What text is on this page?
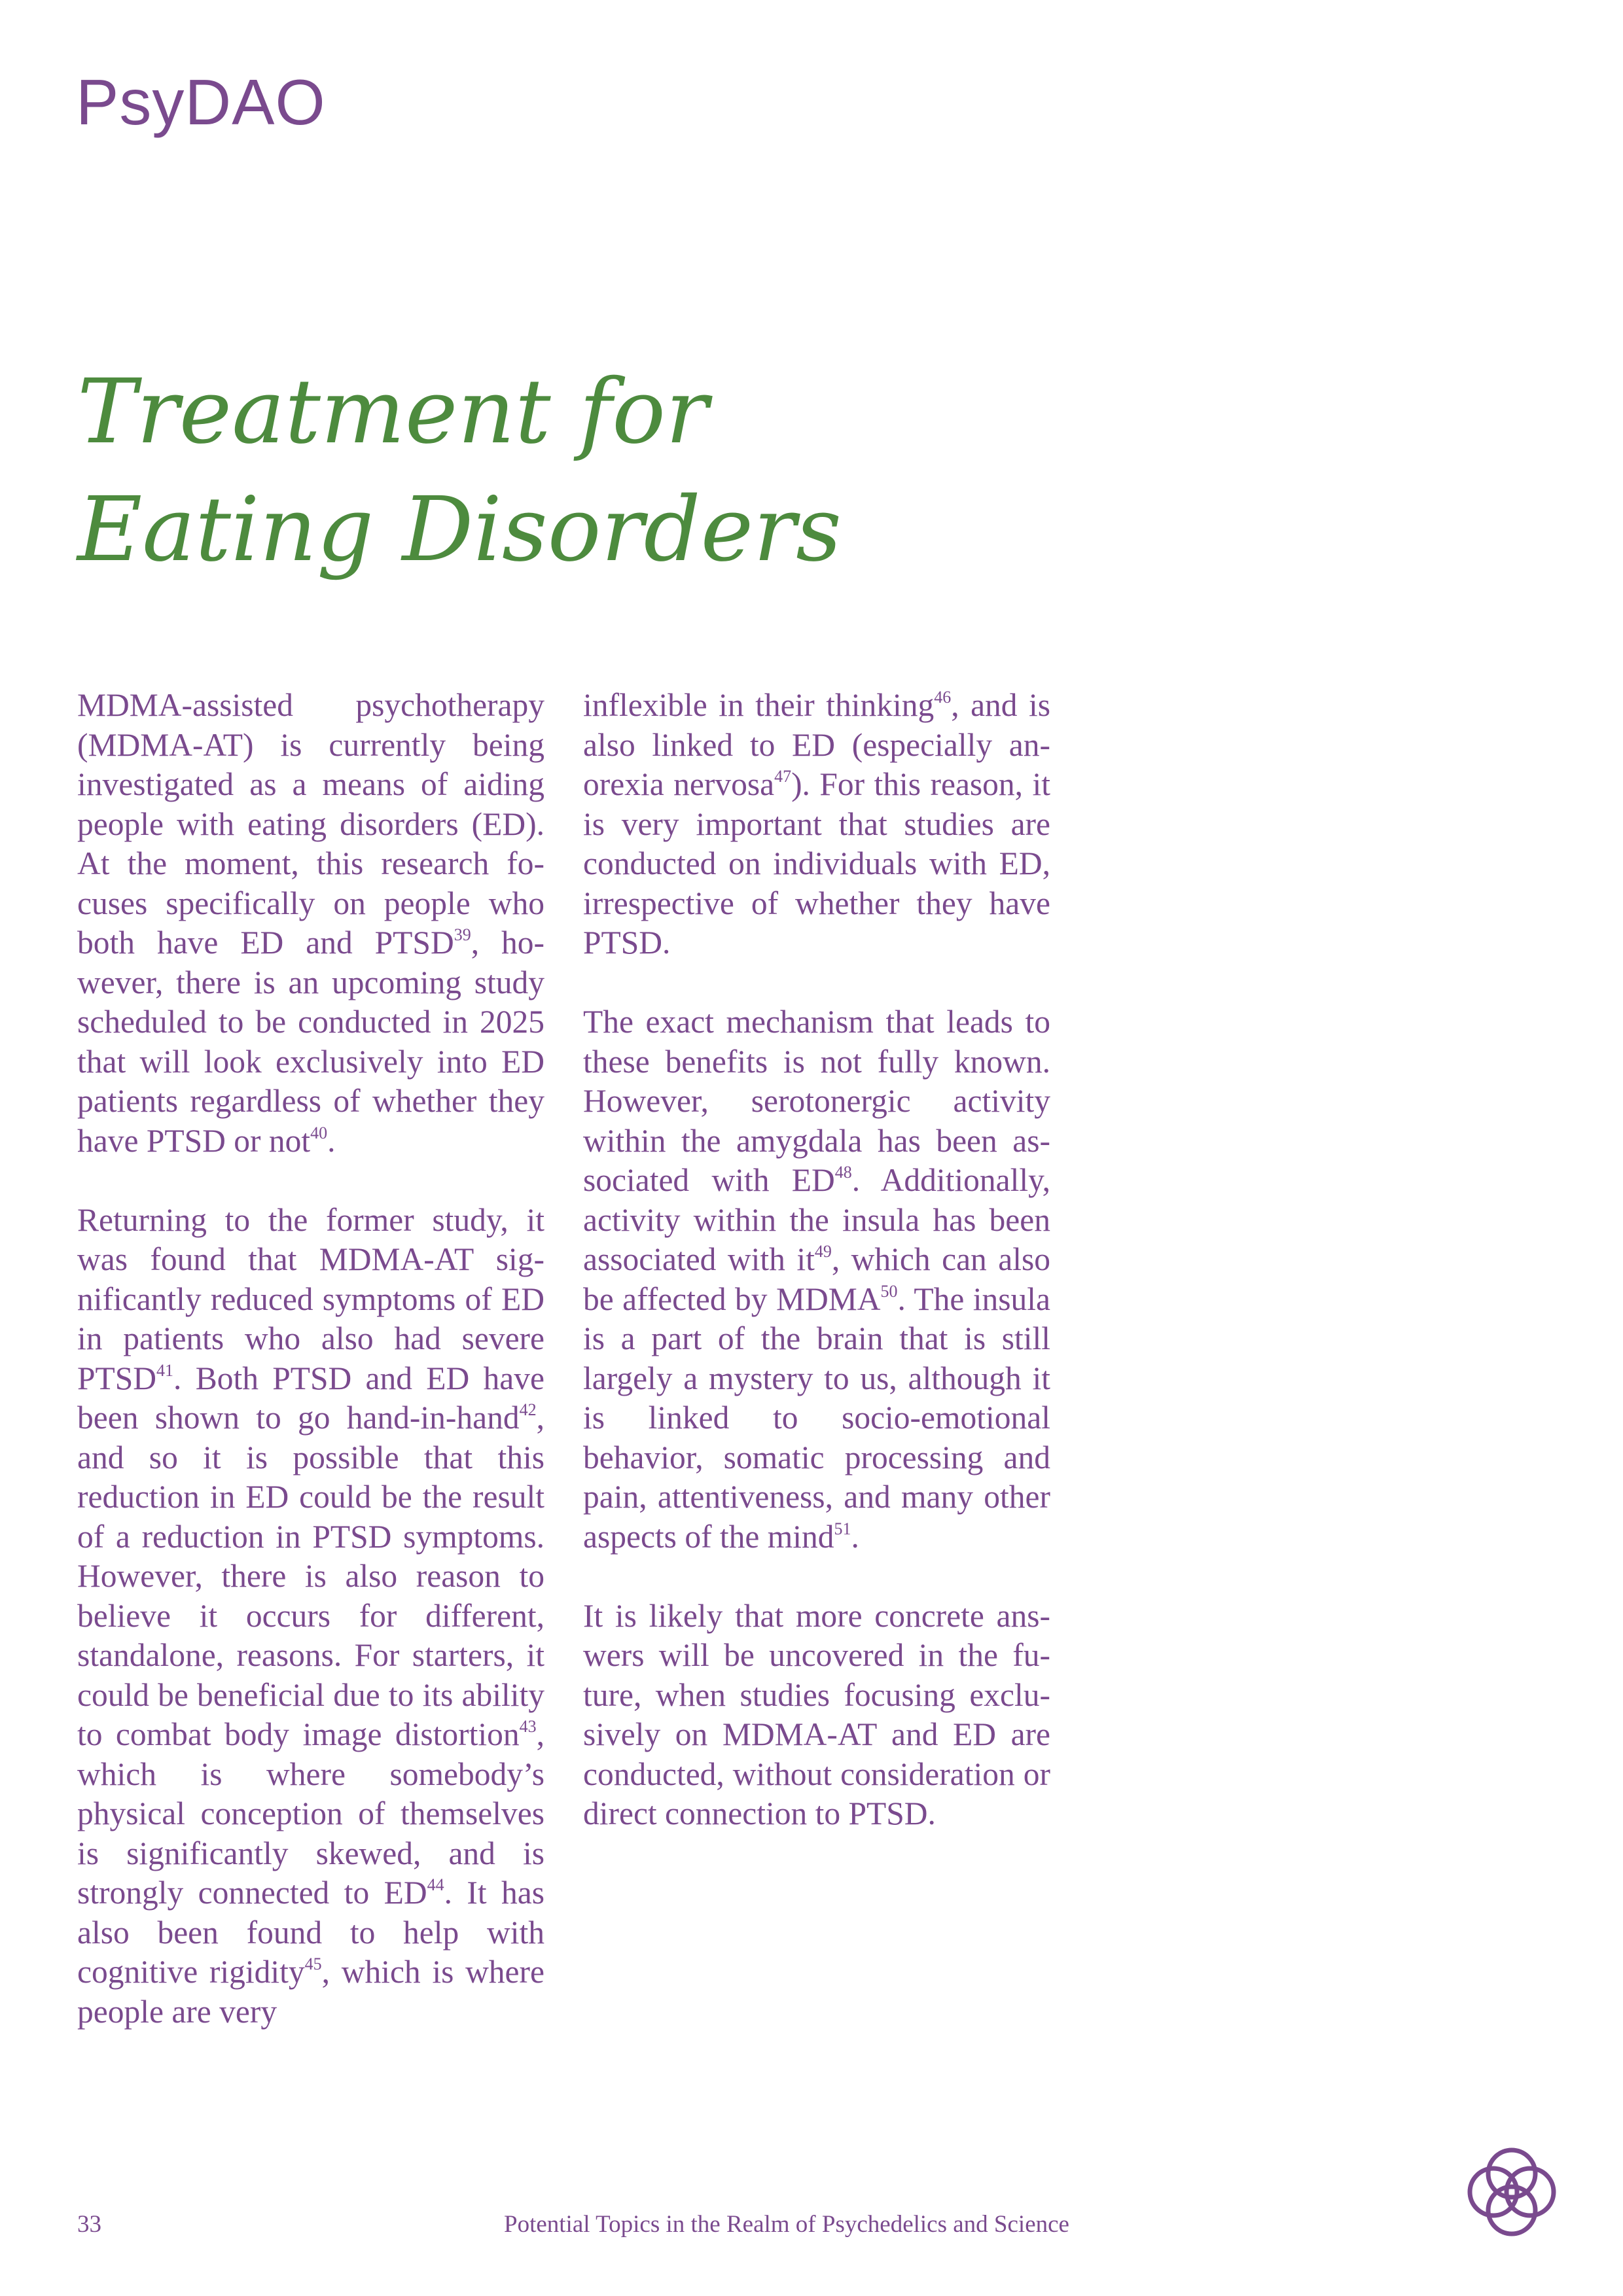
PsyDAO
Treatment for
Eating Disorders

MDMA-assisted psychotherapy (MDMA-AT) is currently being investigated as a means of aiding people with eating disorders (ED). At the moment, this research focuses specifically on people who both have ED and PTSD$^{39}$, however, there is an upcoming study scheduled to be conducted in 2025 that will look exclusively into ED patients regardless of whether they have PTSD or not$^{40}$.

Returning to the former study, it was found that MDMA-AT significantly reduced symptoms of ED in patients who also had severe PTSD$^{41}$. Both PTSD and ED have been shown to go hand-in-hand$^{42}$, and so it is possible that this reduction in ED could be the result of a reduction in PTSD symptoms. However, there is also reason to believe it occurs for different, standalone, reasons. For starters, it could be beneficial due to its ability to combat body image distortion$^{43}$, which is where somebody’s physical conception of themselves is significantly skewed, and is strongly connected to ED$^{44}$. It has also been found to help with cognitive rigidity$^{45}$, which is where people are very

inflexible in their thinking$^{46}$, and is also linked to ED (especially anorexia nervosa$^{47}$). For this reason, it is very important that studies are conducted on individuals with ED, irrespective of whether they have PTSD.

The exact mechanism that leads to these benefits is not fully known. However, serotonergic activity within the amygdala has been associated with ED$^{48}$. Additionally, activity within the insula has been associated with $it^{49}$, which can also be affected by MDMA$^{50}$. The insula is a part of the brain that is still largely a mystery to us, although it is linked to socio-emotional behavior, somatic processing and pain, attentiveness, and many other aspects of the mind$^{51}$.

It is likely that more concrete answers will be uncovered in the future, when studies focusing exclusively on MDMA-AT and ED are conducted, without consideration or direct connection to PTSD.

33	Potential Topics in the Realm of Psychedelics and Science
